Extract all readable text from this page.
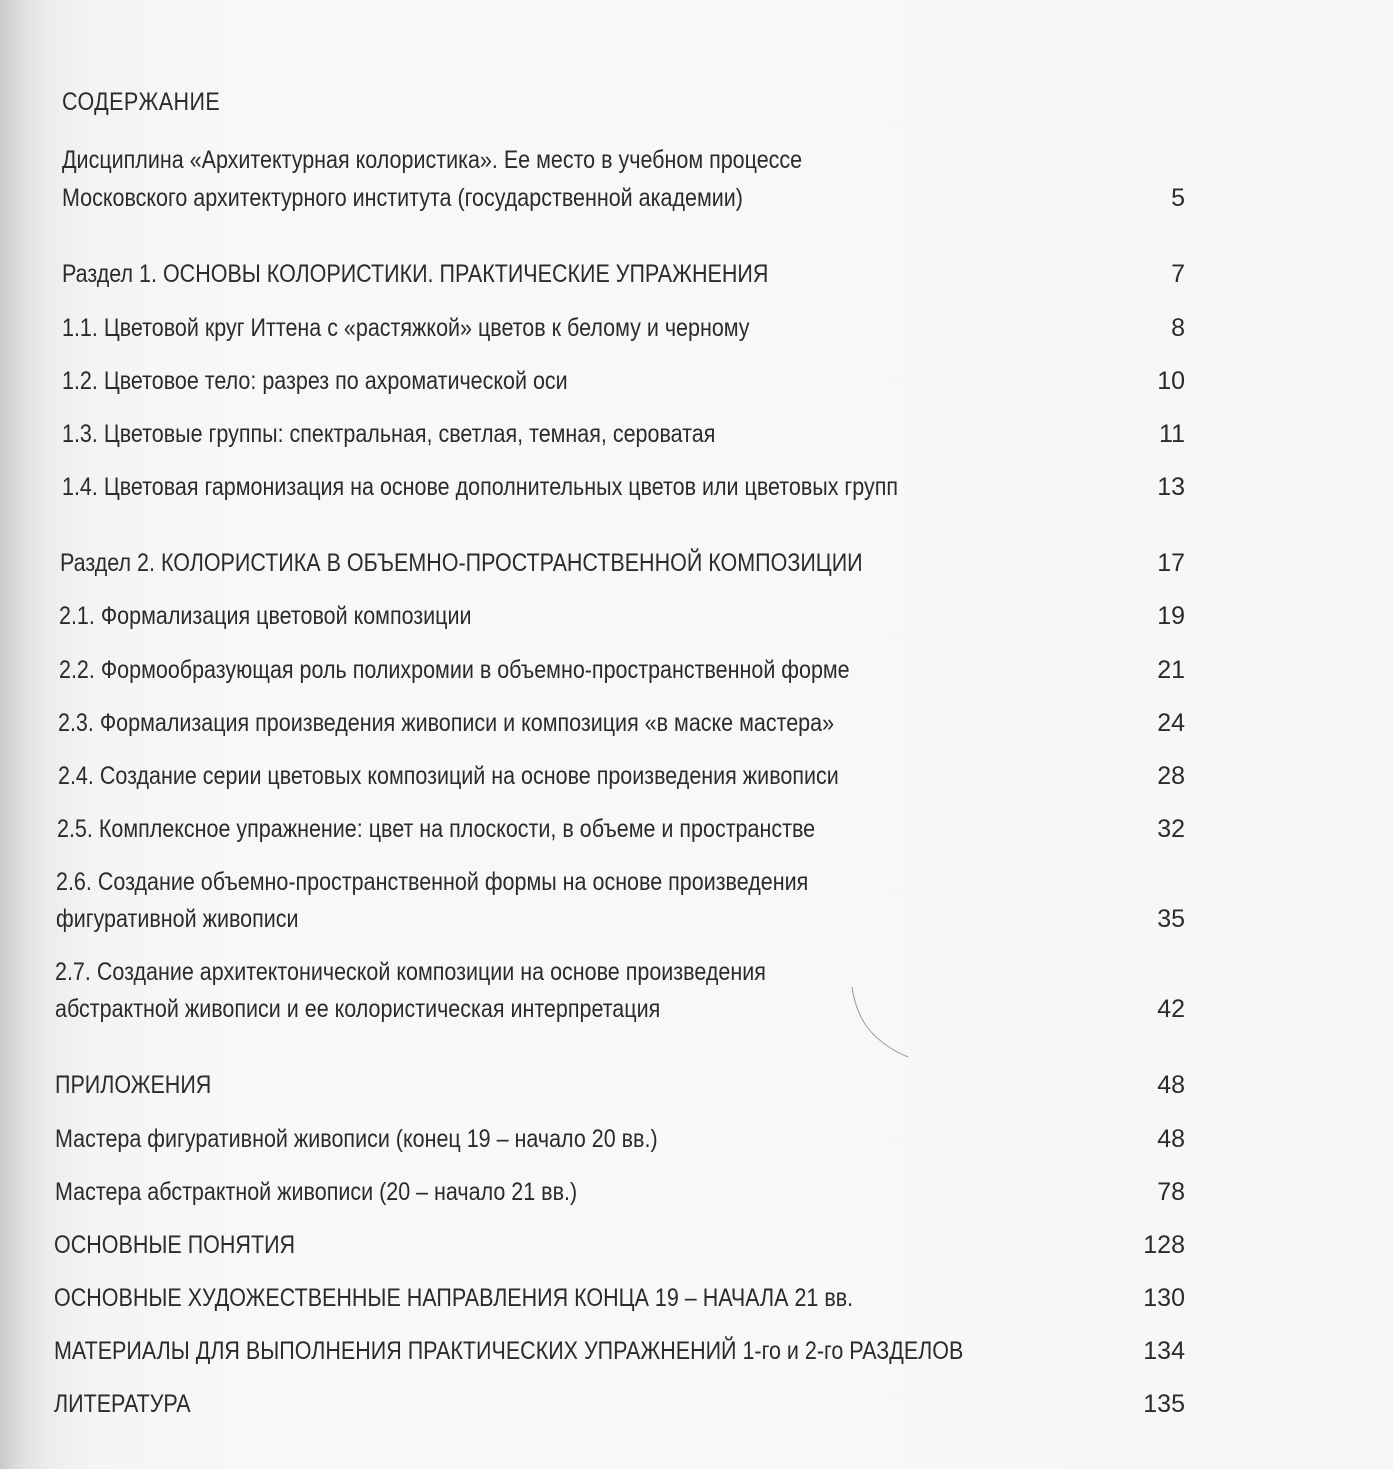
СОДЕРЖАНИЕ
Дисциплина «Архитектурная колористика». Ее место в учебном процессе
Московского архитектурного института (государственной академии)	5
Раздел 1. ОСНОВЫ КОЛОРИСТИКИ. ПРАКТИЧЕСКИЕ УПРАЖНЕНИЯ	7
1.1. Цветовой круг Иттена с «растяжкой» цветов к белому и черному	8
1.2. Цветовое тело: разрез по ахроматической оси	10
1.3. Цветовые группы: спектральная, светлая, темная, сероватая	11
1.4. Цветовая гармонизация на основе дополнительных цветов или цветовых групп	13
Раздел 2. КОЛОРИСТИКА В ОБЪЕМНО-ПРОСТРАНСТВЕННОЙ КОМПОЗИЦИИ	17
2.1. Формализация цветовой композиции	19
2.2. Формообразующая роль полихромии в объемно-пространственной форме	21
2.3. Формализация произведения живописи и композиция «в маске мастера»	24
2.4. Создание серии цветовых композиций на основе произведения живописи	28
2.5. Комплексное упражнение: цвет на плоскости, в объеме и пространстве	32
2.6. Создание объемно-пространственной формы на основе произведения
фигуративной живописи	35
2.7. Создание архитектонической композиции на основе произведения
абстрактной живописи и ее колористическая интерпретация	42
ПРИЛОЖЕНИЯ	48
Мастера фигуративной живописи (конец 19 – начало 20 вв.)	48
Мастера абстрактной живописи (20 – начало 21 вв.)	78
ОСНОВНЫЕ ПОНЯТИЯ	128
ОСНОВНЫЕ ХУДОЖЕСТВЕННЫЕ НАПРАВЛЕНИЯ КОНЦА 19 – НАЧАЛА 21 вв.	130
МАТЕРИАЛЫ ДЛЯ ВЫПОЛНЕНИЯ ПРАКТИЧЕСКИХ УПРАЖНЕНИЙ 1-го и 2-го РАЗДЕЛОВ	134
ЛИТЕРАТУРА	135
